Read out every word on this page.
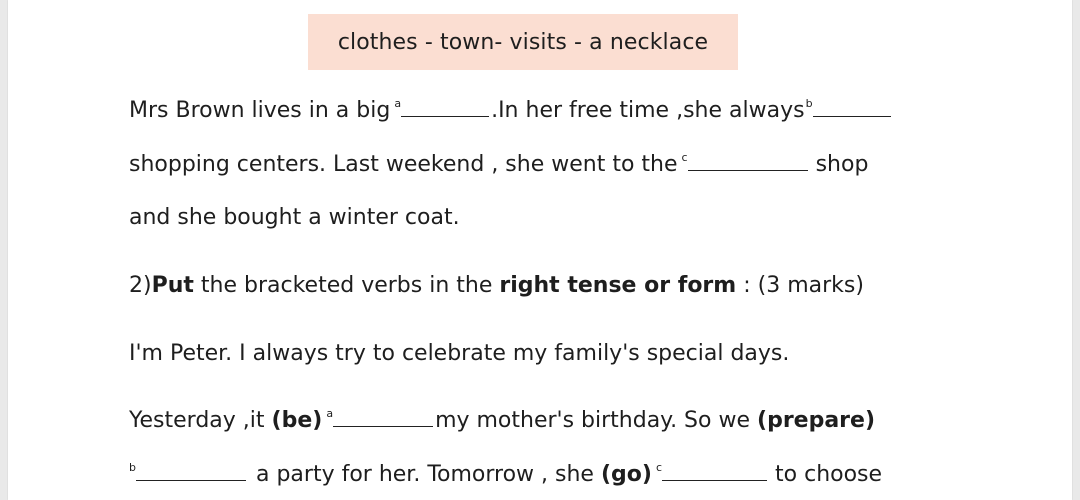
clothes - town- visits - a necklace
Mrs Brown lives in a big $^a$	.In her free time ,she always$^b$
shopping centers. Last weekend , she went to the $^c$	shop
and she bought a winter coat.
2)Put the bracketed verbs in the right tense or form : (3 marks)
I'm Peter. I always try to celebrate my family's special days.
Yesterday ,it (be) $^a$	my mother's birthday. So we (prepare)
$^b$	a party for her. Tomorrow , she (go) $^c$	to choose
